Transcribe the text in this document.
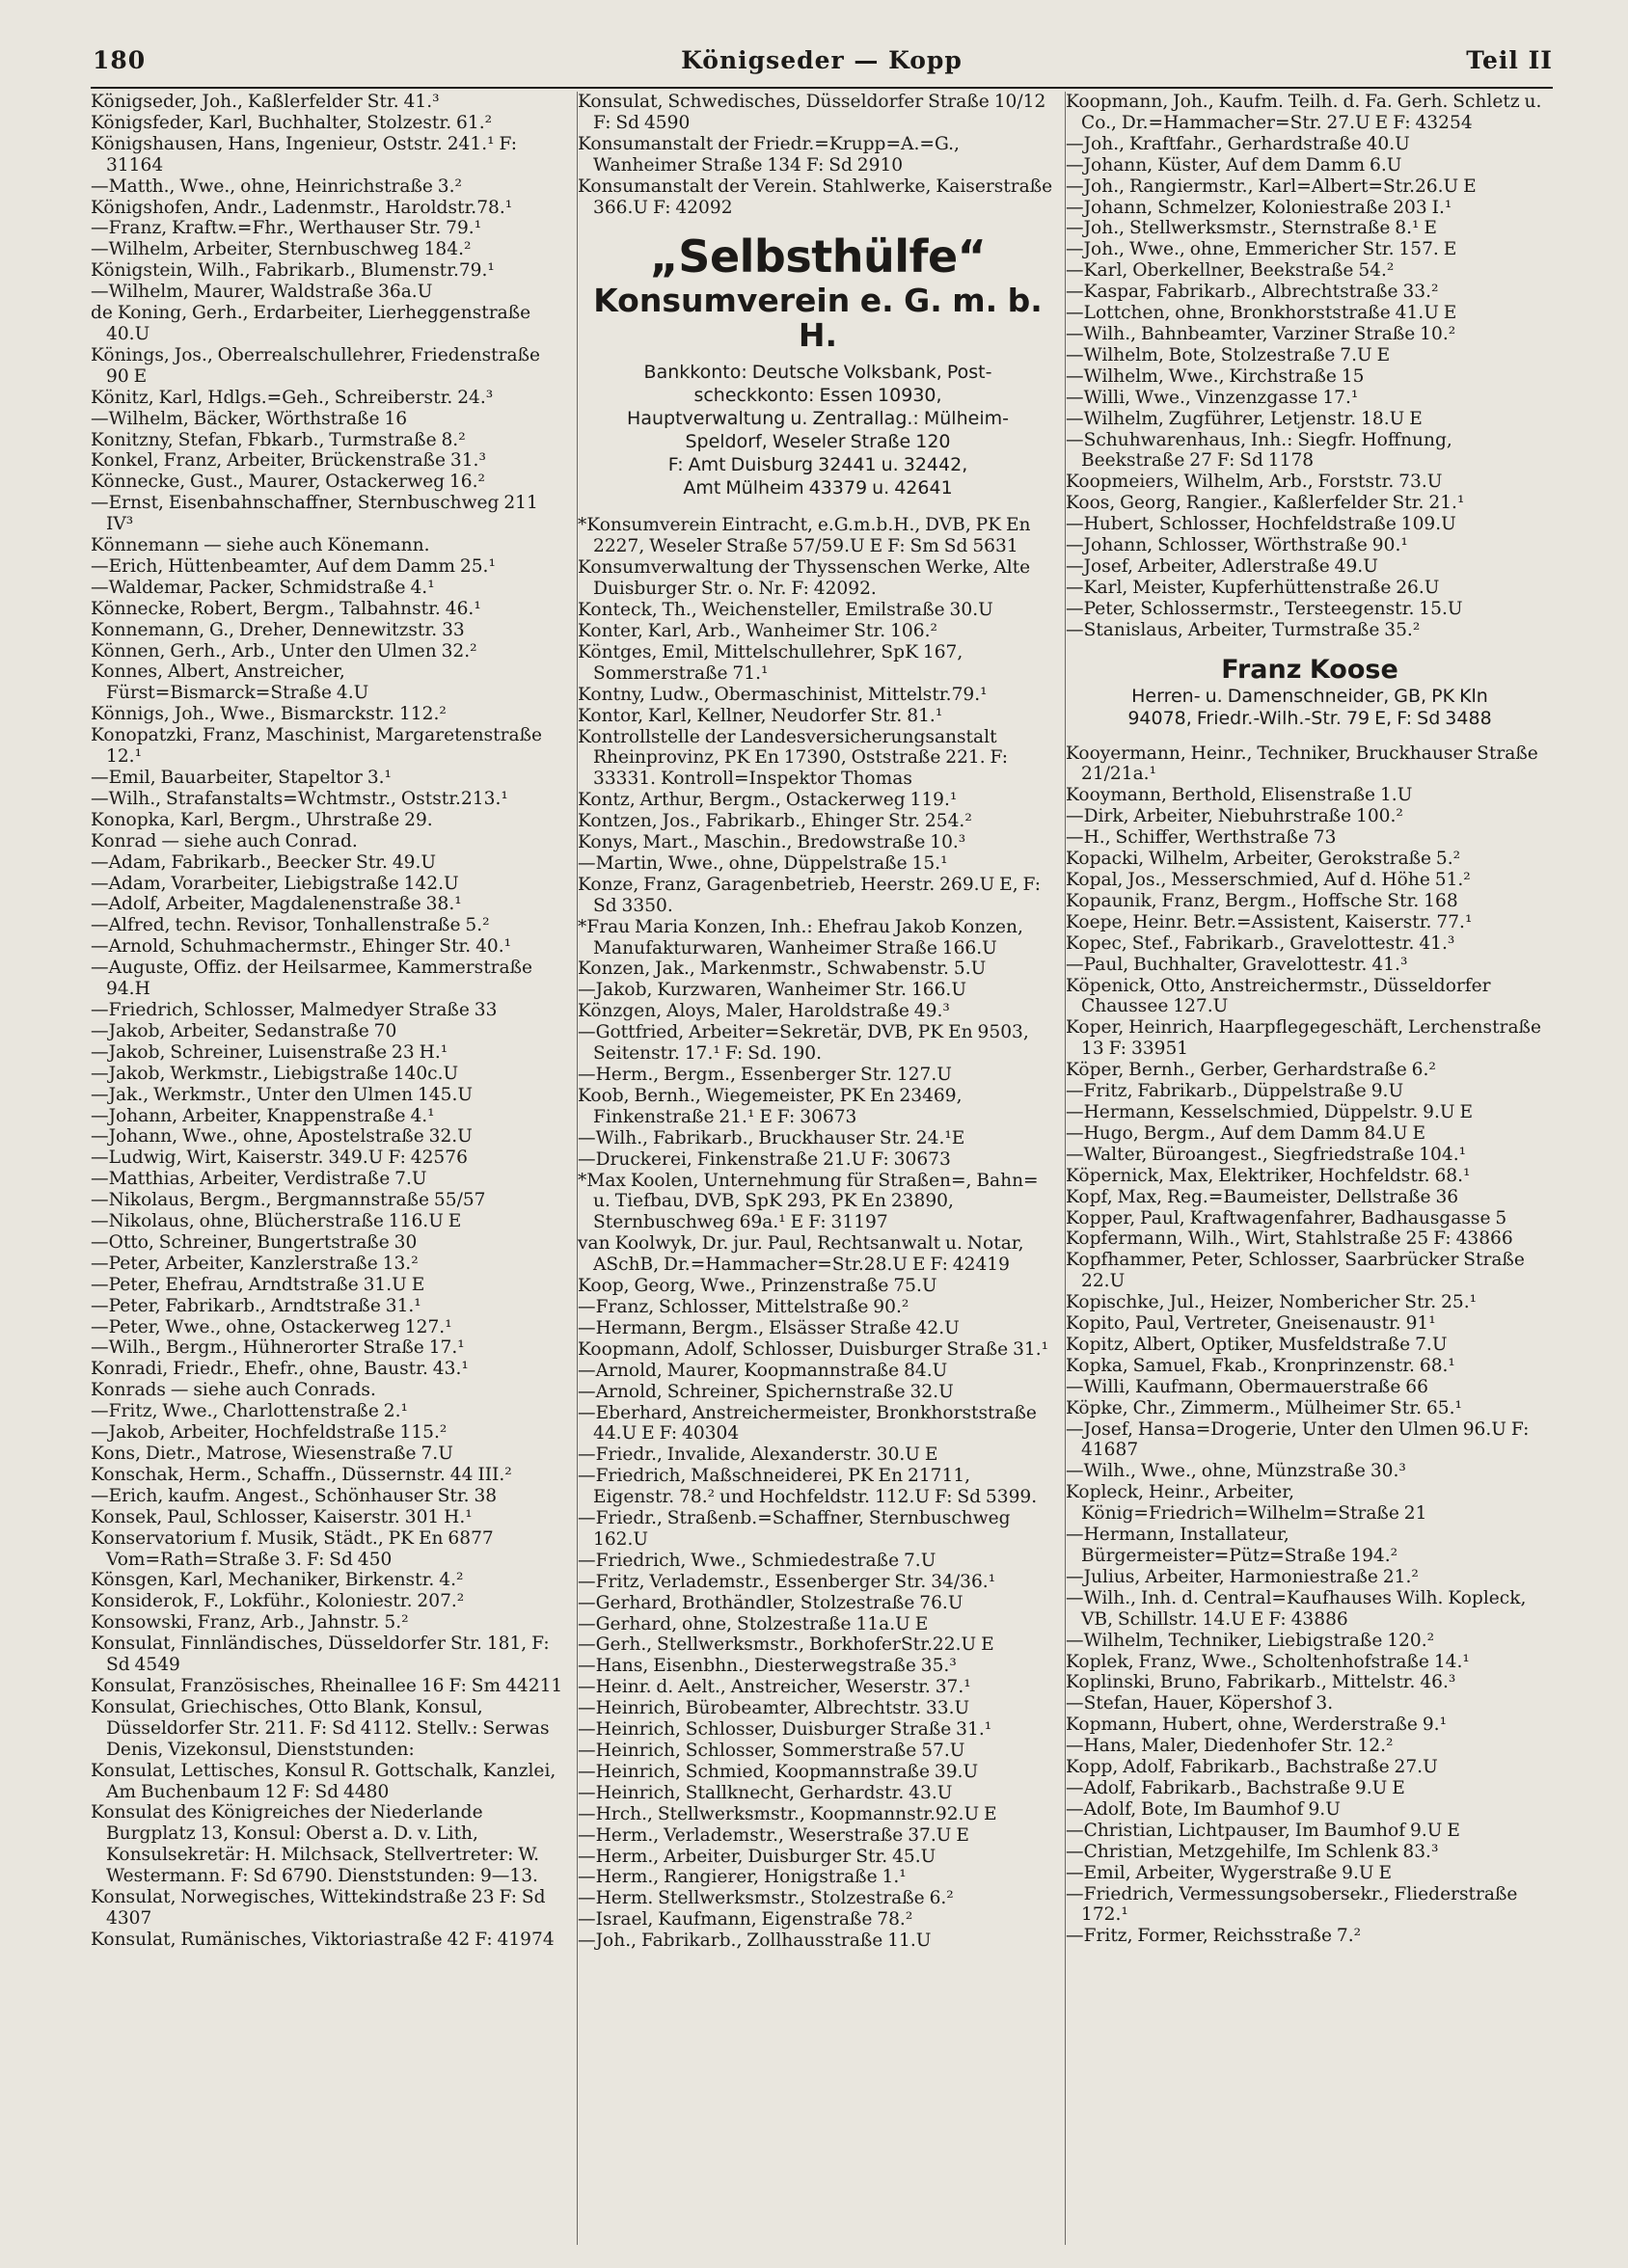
180	Königseder — Kopp	Teil II
Königseder, Joh., Kaßlerfelder Str. 41.³
Königsfeder, Karl, Buchhalter, Stolzestr. 61.²
Königshausen, Hans, Ingenieur, Oststr. 241.¹ F: 31164
—Matth., Wwe., ohne, Heinrichstraße 3.²
Königshofen, Andr., Ladenmstr., Haroldstr.78.¹
—Franz, Kraftw.=Fhr., Werthauser Str. 79.¹
—Wilhelm, Arbeiter, Sternbuschweg 184.²
Königstein, Wilh., Fabrikarb., Blumenstr.79.¹
—Wilhelm, Maurer, Waldstraße 36a.U
de Koning, Gerh., Erdarbeiter, Lierheggenstraße 40.U
Könings, Jos., Oberrealschullehrer, Friedenstraße 90 E
Könitz, Karl, Hdlgs.=Geh., Schreiberstr. 24.³
—Wilhelm, Bäcker, Wörthstraße 16
Konitzny, Stefan, Fbkarb., Turmstraße 8.²
Konkel, Franz, Arbeiter, Brückenstraße 31.³
Könnecke, Gust., Maurer, Ostackerweg 16.²
—Ernst, Eisenbahnschaffner, Sternbuschweg 211 IV³
Könnemann — siehe auch Könemann.
—Erich, Hüttenbeamter, Auf dem Damm 25.¹
—Waldemar, Packer, Schmidstraße 4.¹
Könnecke, Robert, Bergm., Talbahnstr. 46.¹
Konnemann, G., Dreher, Dennewitzstr. 33
Können, Gerh., Arb., Unter den Ulmen 32.²
Konnes, Albert, Anstreicher, Fürst=Bismarck=Straße 4.U
Könnigs, Joh., Wwe., Bismarckstr. 112.²
Konopatzki, Franz, Maschinist, Margaretenstraße 12.¹
—Emil, Bauarbeiter, Stapeltor 3.¹
—Wilh., Strafanstalts=Wchtmstr., Oststr.213.¹
Konopka, Karl, Bergm., Uhrstraße 29.
Konrad — siehe auch Conrad.
—Adam, Fabrikarb., Beecker Str. 49.U
—Adam, Vorarbeiter, Liebigstraße 142.U
—Adolf, Arbeiter, Magdalenenstraße 38.¹
—Alfred, techn. Revisor, Tonhallenstraße 5.²
—Arnold, Schuhmachermstr., Ehinger Str. 40.¹
—Auguste, Offiz. der Heilsarmee, Kammerstraße 94.H
—Friedrich, Schlosser, Malmedyer Straße 33
—Jakob, Arbeiter, Sedanstraße 70
—Jakob, Schreiner, Luisenstraße 23 H.¹
—Jakob, Werkmstr., Liebigstraße 140c.U
—Jak., Werkmstr., Unter den Ulmen 145.U
—Johann, Arbeiter, Knappenstraße 4.¹
—Johann, Wwe., ohne, Apostelstraße 32.U
—Ludwig, Wirt, Kaiserstr. 349.U F: 42576
—Matthias, Arbeiter, Verdistraße 7.U
—Nikolaus, Bergm., Bergmannstraße 55/57
—Nikolaus, ohne, Blücherstraße 116.U E
—Otto, Schreiner, Bungertstraße 30
—Peter, Arbeiter, Kanzlerstraße 13.²
—Peter, Ehefrau, Arndtstraße 31.U E
—Peter, Fabrikarb., Arndtstraße 31.¹
—Peter, Wwe., ohne, Ostackerweg 127.¹
—Wilh., Bergm., Hühnerorter Straße 17.¹
Konradi, Friedr., Ehefr., ohne, Baustr. 43.¹
Konrads — siehe auch Conrads.
—Fritz, Wwe., Charlottenstraße 2.¹
—Jakob, Arbeiter, Hochfeldstraße 115.²
Kons, Dietr., Matrose, Wiesenstraße 7.U
Konschak, Herm., Schaffn., Düssernstr. 44 III.²
—Erich, kaufm. Angest., Schönhauser Str. 38
Konsek, Paul, Schlosser, Kaiserstr. 301 H.¹
Konservatorium f. Musik, Städt., PK En 6877 Vom=Rath=Straße 3. F: Sd 450
Könsgen, Karl, Mechaniker, Birkenstr. 4.²
Konsiderok, F., Lokführ., Koloniestr. 207.²
Konsowski, Franz, Arb., Jahnstr. 5.²
Konsulat, Finnländisches, Düsseldorfer Str. 181, F: Sd 4549
Konsulat, Französisches, Rheinallee 16 F: Sm 44211
Konsulat, Griechisches, Otto Blank, Konsul, Düsseldorfer Str. 211. F: Sd 4112. Stellv.: Serwas Denis, Vizekonsul, Dienststunden:
Konsulat, Lettisches, Konsul R. Gottschalk, Kanzlei, Am Buchenbaum 12 F: Sd 4480
Konsulat des Königreiches der Niederlande Burgplatz 13, Konsul: Oberst a. D. v. Lith, Konsulsekretär: H. Milchsack, Stellvertreter: W. Westermann. F: Sd 6790. Dienststunden: 9—13.
Konsulat, Norwegisches, Wittekindstraße 23 F: Sd 4307
Konsulat, Rumänisches, Viktoriastraße 42 F: 41974
Konsulat, Schwedisches, Düsseldorfer Straße 10/12 F: Sd 4590
Konsumanstalt der Friedr.=Krupp=A.=G., Wanheimer Straße 134 F: Sd 2910
Konsumanstalt der Verein. Stahlwerke, Kaiserstraße 366.U F: 42092
„Selbsthülfe“
Konsumverein e. G. m. b. H.
Bankkonto: Deutsche Volksbank, Post-
scheckkonto: Essen 10930,
Hauptverwaltung u. Zentrallag.: Mülheim-
Speldorf, Weseler Straße 120
F: Amt Duisburg 32441 u. 32442,
Amt Mülheim 43379 u. 42641
*Konsumverein Eintracht, e.G.m.b.H., DVB, PK En 2227, Weseler Straße 57/59.U E F: Sm Sd 5631
Konsumverwaltung der Thyssenschen Werke, Alte Duisburger Str. o. Nr. F: 42092.
Konteck, Th., Weichensteller, Emilstraße 30.U
Konter, Karl, Arb., Wanheimer Str. 106.²
Köntges, Emil, Mittelschullehrer, SpK 167, Sommerstraße 71.¹
Kontny, Ludw., Obermaschinist, Mittelstr.79.¹
Kontor, Karl, Kellner, Neudorfer Str. 81.¹
Kontrollstelle der Landesversicherungsanstalt Rheinprovinz, PK En 17390, Oststraße 221. F: 33331. Kontroll=Inspektor Thomas
Kontz, Arthur, Bergm., Ostackerweg 119.¹
Kontzen, Jos., Fabrikarb., Ehinger Str. 254.²
Konys, Mart., Maschin., Bredowstraße 10.³
—Martin, Wwe., ohne, Düppelstraße 15.¹
Konze, Franz, Garagenbetrieb, Heerstr. 269.U E, F: Sd 3350.
*Frau Maria Konzen, Inh.: Ehefrau Jakob Konzen, Manufakturwaren, Wanheimer Straße 166.U
Konzen, Jak., Markenmstr., Schwabenstr. 5.U
—Jakob, Kurzwaren, Wanheimer Str. 166.U
Könzgen, Aloys, Maler, Haroldstraße 49.³
—Gottfried, Arbeiter=Sekretär, DVB, PK En 9503, Seitenstr. 17.¹ F: Sd. 190.
—Herm., Bergm., Essenberger Str. 127.U
Koob, Bernh., Wiegemeister, PK En 23469, Finkenstraße 21.¹ E F: 30673
—Wilh., Fabrikarb., Bruckhauser Str. 24.¹E
—Druckerei, Finkenstraße 21.U F: 30673
*Max Koolen, Unternehmung für Straßen=, Bahn= u. Tiefbau, DVB, SpK 293, PK En 23890, Sternbuschweg 69a.¹ E F: 31197
van Koolwyk, Dr. jur. Paul, Rechtsanwalt u. Notar, ASchB, Dr.=Hammacher=Str.28.U E F: 42419
Koop, Georg, Wwe., Prinzenstraße 75.U
—Franz, Schlosser, Mittelstraße 90.²
—Hermann, Bergm., Elsässer Straße 42.U
Koopmann, Adolf, Schlosser, Duisburger Straße 31.¹
—Arnold, Maurer, Koopmannstraße 84.U
—Arnold, Schreiner, Spichernstraße 32.U
—Eberhard, Anstreichermeister, Bronkhorststraße 44.U E F: 40304
—Friedr., Invalide, Alexanderstr. 30.U E
—Friedrich, Maßschneiderei, PK En 21711, Eigenstr. 78.² und Hochfeldstr. 112.U F: Sd 5399.
—Friedr., Straßenb.=Schaffner, Sternbuschweg 162.U
—Friedrich, Wwe., Schmiedestraße 7.U
—Fritz, Verlademstr., Essenberger Str. 34/36.¹
—Gerhard, Brothändler, Stolzestraße 76.U
—Gerhard, ohne, Stolzestraße 11a.U E
—Gerh., Stellwerksmstr., BorkhoferStr.22.U E
—Hans, Eisenbhn., Diesterwegstraße 35.³
—Heinr. d. Aelt., Anstreicher, Weserstr. 37.¹
—Heinrich, Bürobeamter, Albrechtstr. 33.U
—Heinrich, Schlosser, Duisburger Straße 31.¹
—Heinrich, Schlosser, Sommerstraße 57.U
—Heinrich, Schmied, Koopmannstraße 39.U
—Heinrich, Stallknecht, Gerhardstr. 43.U
—Hrch., Stellwerksmstr., Koopmannstr.92.U E
—Herm., Verlademstr., Weserstraße 37.U E
—Herm., Arbeiter, Duisburger Str. 45.U
—Herm., Rangierer, Honigstraße 1.¹
—Herm. Stellwerksmstr., Stolzestraße 6.²
—Israel, Kaufmann, Eigenstraße 78.²
—Joh., Fabrikarb., Zollhausstraße 11.U
Koopmann, Joh., Kaufm. Teilh. d. Fa. Gerh. Schletz u. Co., Dr.=Hammacher=Str. 27.U E F: 43254
—Joh., Kraftfahr., Gerhardstraße 40.U
—Johann, Küster, Auf dem Damm 6.U
—Joh., Rangiermstr., Karl=Albert=Str.26.U E
—Johann, Schmelzer, Koloniestraße 203 I.¹
—Joh., Stellwerksmstr., Sternstraße 8.¹ E
—Joh., Wwe., ohne, Emmericher Str. 157. E
—Karl, Oberkellner, Beekstraße 54.²
—Kaspar, Fabrikarb., Albrechtstraße 33.²
—Lottchen, ohne, Bronkhorststraße 41.U E
—Wilh., Bahnbeamter, Varziner Straße 10.²
—Wilhelm, Bote, Stolzestraße 7.U E
—Wilhelm, Wwe., Kirchstraße 15
—Willi, Wwe., Vinzenzgasse 17.¹
—Wilhelm, Zugführer, Letjenstr. 18.U E
—Schuhwarenhaus, Inh.: Siegfr. Hoffnung, Beekstraße 27 F: Sd 1178
Koopmeiers, Wilhelm, Arb., Forststr. 73.U
Koos, Georg, Rangier., Kaßlerfelder Str. 21.¹
—Hubert, Schlosser, Hochfeldstraße 109.U
—Johann, Schlosser, Wörthstraße 90.¹
—Josef, Arbeiter, Adlerstraße 49.U
—Karl, Meister, Kupferhüttenstraße 26.U
—Peter, Schlossermstr., Tersteegenstr. 15.U
—Stanislaus, Arbeiter, Turmstraße 35.²
Franz Koose
Herren- u. Damenschneider, GB, PK Kln
94078, Friedr.-Wilh.-Str. 79 E, F: Sd 3488
Kooyermann, Heinr., Techniker, Bruckhauser Straße 21/21a.¹
Kooymann, Berthold, Elisenstraße 1.U
—Dirk, Arbeiter, Niebuhrstraße 100.²
—H., Schiffer, Werthstraße 73
Kopacki, Wilhelm, Arbeiter, Gerokstraße 5.²
Kopal, Jos., Messerschmied, Auf d. Höhe 51.²
Kopaunik, Franz, Bergm., Hoffsche Str. 168
Koepe, Heinr. Betr.=Assistent, Kaiserstr. 77.¹
Kopec, Stef., Fabrikarb., Gravelottestr. 41.³
—Paul, Buchhalter, Gravelottestr. 41.³
Köpenick, Otto, Anstreichermstr., Düsseldorfer Chaussee 127.U
Koper, Heinrich, Haarpflegegeschäft, Lerchenstraße 13 F: 33951
Köper, Bernh., Gerber, Gerhardstraße 6.²
—Fritz, Fabrikarb., Düppelstraße 9.U
—Hermann, Kesselschmied, Düppelstr. 9.U E
—Hugo, Bergm., Auf dem Damm 84.U E
—Walter, Büroangest., Siegfriedstraße 104.¹
Köpernick, Max, Elektriker, Hochfeldstr. 68.¹
Kopf, Max, Reg.=Baumeister, Dellstraße 36
Kopper, Paul, Kraftwagenfahrer, Badhausgasse 5
Kopfermann, Wilh., Wirt, Stahlstraße 25 F: 43866
Kopfhammer, Peter, Schlosser, Saarbrücker Straße 22.U
Kopischke, Jul., Heizer, Nombericher Str. 25.¹
Kopito, Paul, Vertreter, Gneisenaustr. 91¹
Kopitz, Albert, Optiker, Musfeldstraße 7.U
Kopka, Samuel, Fkab., Kronprinzenstr. 68.¹
—Willi, Kaufmann, Obermauerstraße 66
Köpke, Chr., Zimmerm., Mülheimer Str. 65.¹
—Josef, Hansa=Drogerie, Unter den Ulmen 96.U F: 41687
—Wilh., Wwe., ohne, Münzstraße 30.³
Kopleck, Heinr., Arbeiter, König=Friedrich=Wilhelm=Straße 21
—Hermann, Installateur, Bürgermeister=Pütz=Straße 194.²
—Julius, Arbeiter, Harmoniestraße 21.²
—Wilh., Inh. d. Central=Kaufhauses Wilh. Kopleck, VB, Schillstr. 14.U E F: 43886
—Wilhelm, Techniker, Liebigstraße 120.²
Koplek, Franz, Wwe., Scholtenhofstraße 14.¹
Koplinski, Bruno, Fabrikarb., Mittelstr. 46.³
—Stefan, Hauer, Köpershof 3.
Kopmann, Hubert, ohne, Werderstraße 9.¹
—Hans, Maler, Diedenhofer Str. 12.²
Kopp, Adolf, Fabrikarb., Bachstraße 27.U
—Adolf, Fabrikarb., Bachstraße 9.U E
—Adolf, Bote, Im Baumhof 9.U
—Christian, Lichtpauser, Im Baumhof 9.U E
—Christian, Metzgehilfe, Im Schlenk 83.³
—Emil, Arbeiter, Wygerstraße 9.U E
—Friedrich, Vermessungsobersekr., Fliederstraße 172.¹
—Fritz, Former, Reichsstraße 7.²
